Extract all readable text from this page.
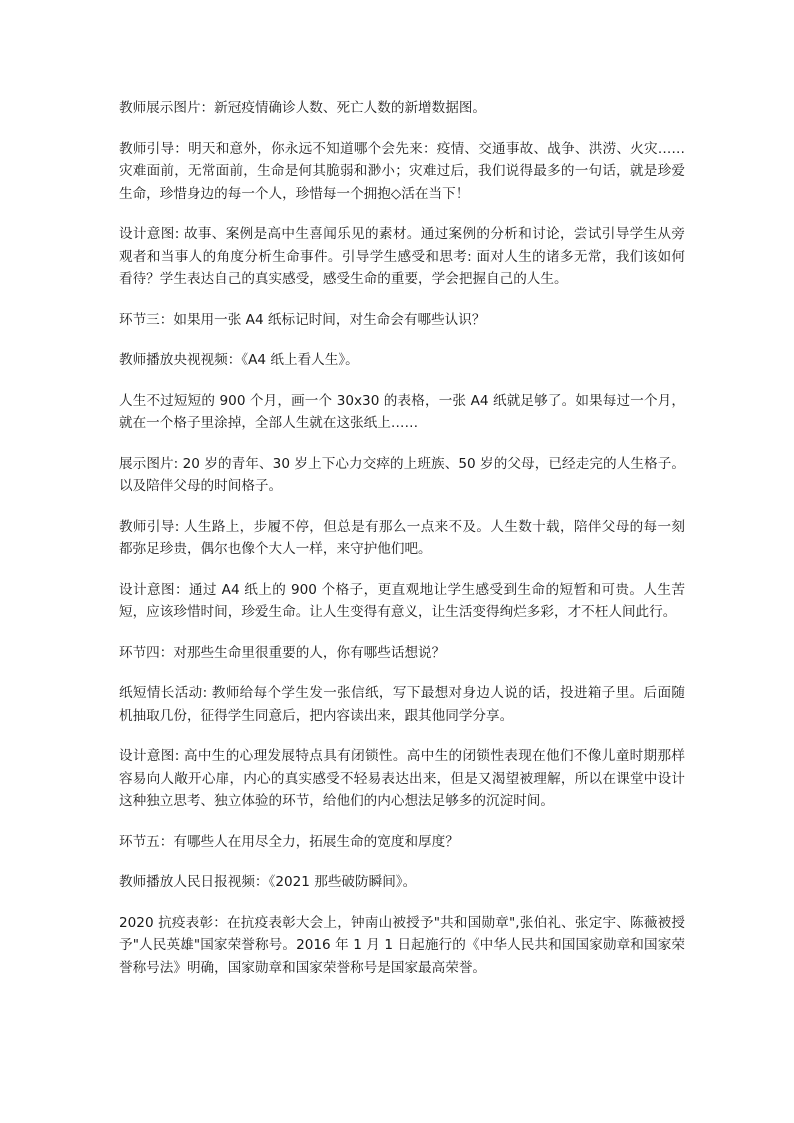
教师展示图片：新冠疫情确诊人数、死亡人数的新增数据图。

教师引导：明天和意外，你永远不知道哪个会先来：疫情、交通事故、战争、洪涝、火灾……灾难面前，无常面前，生命是何其脆弱和渺小；灾难过后，我们说得最多的一句话，就是珍爱生命，珍惜身边的每一个人，珍惜每一个拥抱◇活在当下！

设计意图: 故事、案例是高中生喜闻乐见的素材。通过案例的分析和讨论，尝试引导学生从旁观者和当事人的角度分析生命事件。引导学生感受和思考: 面对人生的诸多无常，我们该如何看待？学生表达自己的真实感受，感受生命的重要，学会把握自己的人生。

环节三：如果用一张 A4 纸标记时间，对生命会有哪些认识？

教师播放央视视频：《A4 纸上看人生》。

人生不过短短的 900 个月，画一个 30x30 的表格，一张 A4 纸就足够了。如果每过一个月，就在一个格子里涂掉，全部人生就在这张纸上……

展示图片: 20 岁的青年、30 岁上下心力交瘁的上班族、50 岁的父母，已经走完的人生格子。以及陪伴父母的时间格子。

教师引导: 人生路上，步履不停，但总是有那么一点来不及。人生数十载，陪伴父母的每一刻都弥足珍贵，偶尔也像个大人一样，来守护他们吧。

设计意图：通过 A4 纸上的 900 个格子，更直观地让学生感受到生命的短暂和可贵。人生苦短，应该珍惜时间，珍爱生命。让人生变得有意义，让生活变得绚烂多彩，才不枉人间此行。

环节四：对那些生命里很重要的人，你有哪些话想说？

纸短情长活动: 教师给每个学生发一张信纸，写下最想对身边人说的话，投进箱子里。后面随机抽取几份，征得学生同意后，把内容读出来，跟其他同学分享。

设计意图: 高中生的心理发展特点具有闭锁性。高中生的闭锁性表现在他们不像儿童时期那样容易向人敞开心扉，内心的真实感受不轻易表达出来，但是又渴望被理解，所以在课堂中设计这种独立思考、独立体验的环节，给他们的内心想法足够多的沉淀时间。

环节五：有哪些人在用尽全力，拓展生命的宽度和厚度？

教师播放人民日报视频：《2021 那些破防瞬间》。

2020 抗疫表彰：在抗疫表彰大会上，钟南山被授予"共和国勋章",张伯礼、张定宇、陈薇被授予"人民英雄"国家荣誉称号。2016 年 1 月 1 日起施行的《中华人民共和国国家勋章和国家荣誉称号法》明确，国家勋章和国家荣誉称号是国家最高荣誉。
